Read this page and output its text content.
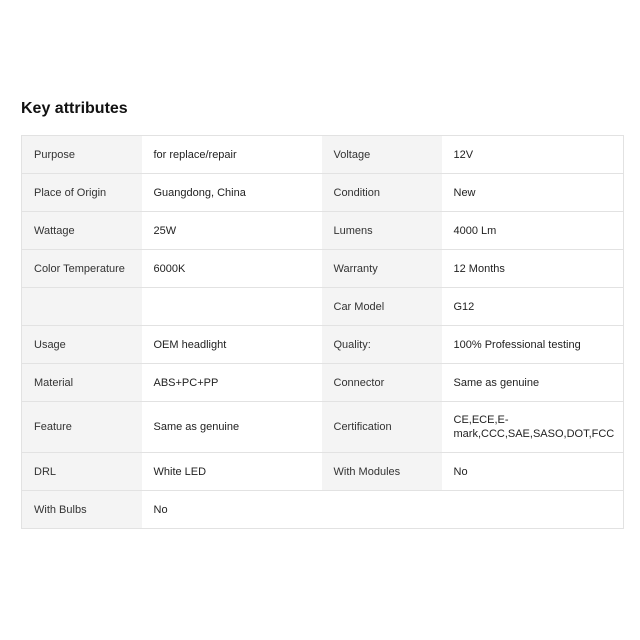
Key attributes
Purpose	for replace/repair	Voltage	12V
Place of Origin	Guangdong, China	Condition	New
Wattage	25W	Lumens	4000 Lm
Color Temperature	6000K	Warranty	12 Months
		Car Model	G12
Usage	OEM headlight	Quality:	100% Professional testing
Material	ABS+PC+PP	Connector	Same as genuine
Feature	Same as genuine	Certification	CE,ECE,E-mark,CCC,SAE,SASO,DOT,FCC
DRL	White LED	With Modules	No
With Bulbs	No		
